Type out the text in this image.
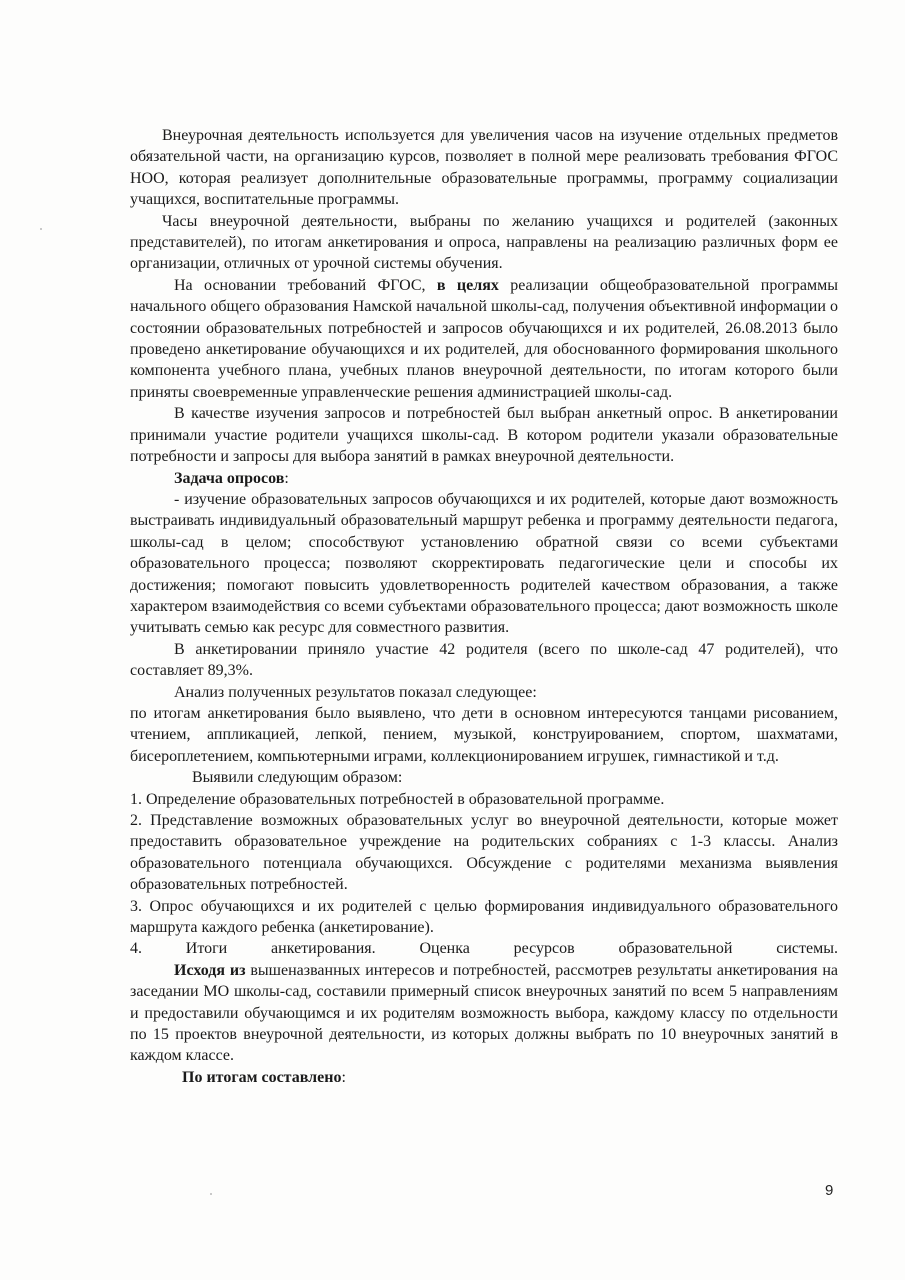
Внеурочная деятельность используется для увеличения часов на изучение отдельных предметов обязательной части, на организацию курсов, позволяет в полной мере реализовать требования ФГОС НОО, которая реализует дополнительные образовательные программы, программу социализации учащихся, воспитательные программы.

Часы внеурочной деятельности, выбраны по желанию учащихся и родителей (законных представителей), по итогам анкетирования и опроса, направлены на реализацию различных форм ее организации, отличных от урочной системы обучения.

На основании требований ФГОС, в целях реализации общеобразовательной программы начального общего образования Намской начальной школы-сад, получения объективной информации о состоянии образовательных потребностей и запросов обучающихся и их родителей, 26.08.2013 было проведено анкетирование обучающихся и их родителей, для обоснованного формирования школьного компонента учебного плана, учебных планов внеурочной деятельности, по итогам которого были приняты своевременные управленческие решения администрацией школы-сад.

В качестве изучения запросов и потребностей был выбран анкетный опрос. В анкетировании принимали участие родители учащихся школы-сад. В котором родители указали образовательные потребности и запросы для выбора занятий в рамках внеурочной деятельности.

Задача опросов:

- изучение образовательных запросов обучающихся и их родителей, которые дают возможность выстраивать индивидуальный образовательный маршрут ребенка и программу деятельности педагога, школы-сад в целом; способствуют установлению обратной связи со всеми субъектами образовательного процесса; позволяют скорректировать педагогические цели и способы их достижения; помогают повысить удовлетворенность родителей качеством образования, а также характером взаимодействия со всеми субъектами образовательного процесса; дают возможность школе учитывать семью как ресурс для совместного развития.

В анкетировании приняло участие 42 родителя (всего по школе-сад 47 родителей), что составляет 89,3%.

Анализ полученных результатов показал следующее:

по итогам анкетирования было выявлено, что дети в основном интересуются танцами рисованием, чтением, аппликацией, лепкой, пением, музыкой, конструированием, спортом, шахматами, бисероплетением, компьютерными играми, коллекционированием игрушек, гимнастикой и т.д.

Выявили следующим образом:

1. Определение образовательных потребностей в образовательной программе.

2. Представление возможных образовательных услуг во внеурочной деятельности, которые может предоставить образовательное учреждение на родительских собраниях с 1-3 классы. Анализ образовательного потенциала обучающихся. Обсуждение с родителями механизма выявления образовательных потребностей.

3. Опрос обучающихся и их родителей с целью формирования индивидуального образовательного маршрута каждого ребенка (анкетирование).

4. Итоги анкетирования. Оценка ресурсов образовательной системы.

Исходя из вышеназванных интересов и потребностей, рассмотрев результаты анкетирования на заседании МО школы-сад, составили примерный список внеурочных занятий по всем 5 направлениям и предоставили обучающимся и их родителям возможность выбора, каждому классу по отдельности по 15 проектов внеурочной деятельности, из которых должны выбрать по 10 внеурочных занятий в каждом классе.

По итогам составлено:

9
